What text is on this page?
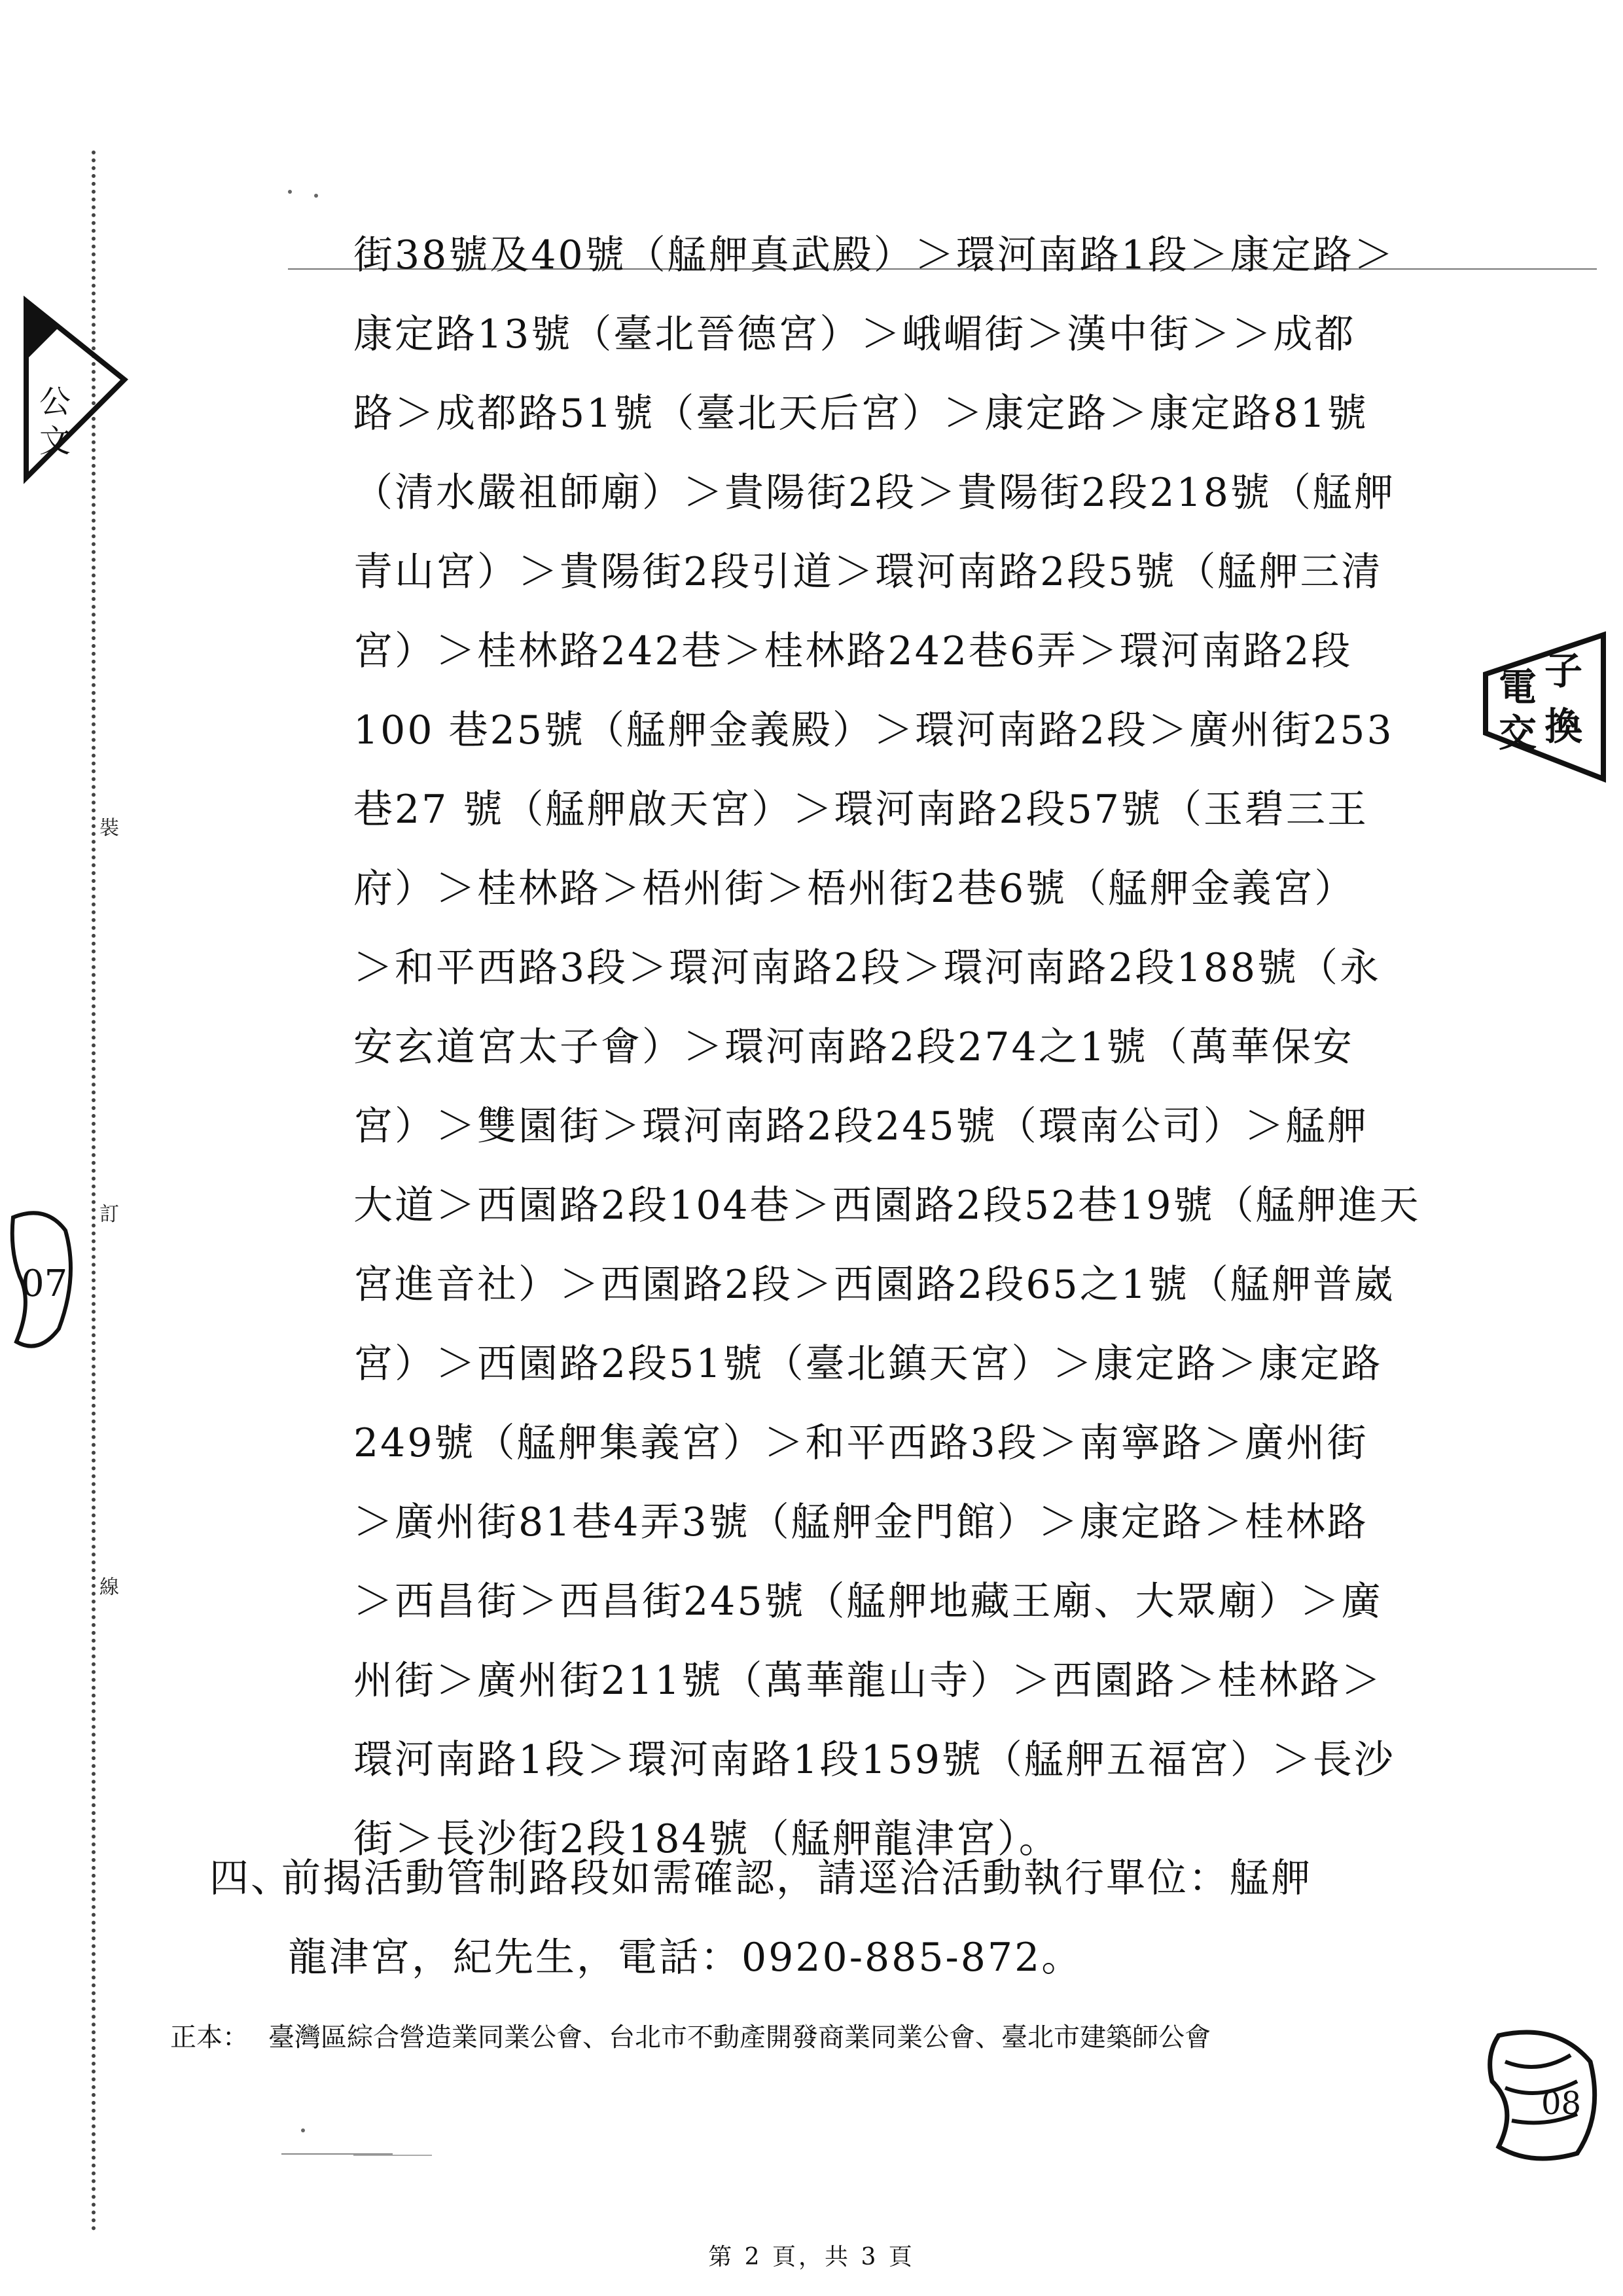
裝
訂
線
公
文
07
電 子
交 換
08
街38號及40號（艋舺真武殿）＞環河南路1段＞康定路＞
康定路13號（臺北晉德宮）＞峨嵋街＞漢中街＞＞成都
路＞成都路51號（臺北天后宮）＞康定路＞康定路81號
（清水嚴祖師廟）＞貴陽街2段＞貴陽街2段218號（艋舺
青山宮）＞貴陽街2段引道＞環河南路2段5號（艋舺三清
宮）＞桂林路242巷＞桂林路242巷6弄＞環河南路2段
100 巷25號（艋舺金義殿）＞環河南路2段＞廣州街253
巷27 號（艋舺啟天宮）＞環河南路2段57號（玉碧三王
府）＞桂林路＞梧州街＞梧州街2巷6號（艋舺金義宮）
＞和平西路3段＞環河南路2段＞環河南路2段188號（永
安玄道宮太子會）＞環河南路2段274之1號（萬華保安
宮）＞雙園街＞環河南路2段245號（環南公司）＞艋舺
大道＞西園路2段104巷＞西園路2段52巷19號（艋舺進天
宮進音社）＞西園路2段＞西園路2段65之1號（艋舺普崴
宮）＞西園路2段51號（臺北鎮天宮）＞康定路＞康定路
249號（艋舺集義宮）＞和平西路3段＞南寧路＞廣州街
＞廣州街81巷4弄3號（艋舺金門館）＞康定路＞桂林路
＞西昌街＞西昌街245號（艋舺地藏王廟、大眾廟）＞廣
州街＞廣州街211號（萬華龍山寺）＞西園路＞桂林路＞
環河南路1段＞環河南路1段159號（艋舺五福宮）＞長沙
街＞長沙街2段184號（艋舺龍津宮）。
四、前揭活動管制路段如需確認，請逕洽活動執行單位：艋舺
龍津宮，紀先生，電話：0920-885-872。
正本： 臺灣區綜合營造業同業公會、台北市不動產開發商業同業公會、臺北市建築師公會
第 2 頁，共 3 頁
